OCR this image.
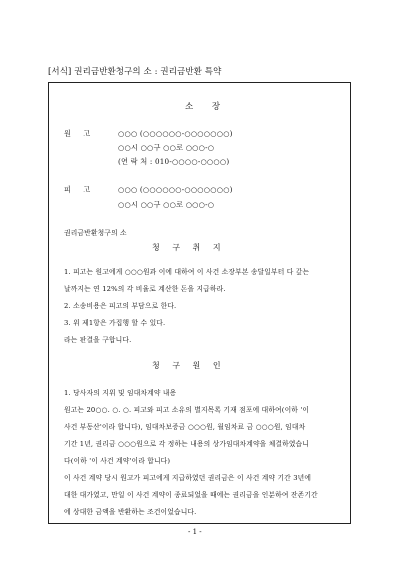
[서식] 권리금반환청구의 소 : 권리금반환 특약
소 장
원 고	○○○ (○○○○○○-○○○○○○○)
○○시 ○○구 ○○로 ○○○-○
(연 락 처 : 010-○○○○-○○○○)
피 고	○○○ (○○○○○○-○○○○○○○)
○○시 ○○구 ○○로 ○○○-○
권리금반환청구의 소
청 구 취 지
1. 피고는 원고에게 ○○○원과 이에 대하여 이 사건 소장부본 송달일부터 다 갚는
날까지는 연 12%의 각 비율로 계산한 돈을 지급하라.
2. 소송비용은 피고의 부담으로 한다.
3. 위 제1항은 가집행 할 수 있다.
라는 판결을 구합니다.
청 구 원 인
1. 당사자의 지위 및 임대차계약 내용
원고는 20○○. ○. ○. 피고와 피고 소유의 별지목록 기재 점포에 대하여(이하 '이
사건 부동산'이라 합니다), 임대차보증금 ○○○원, 월임차료 금 ○○○원, 임대차
기간 1년, 권리금 ○○○원으로 각 정하는 내용의 상가임대차계약을 체결하였습니
다(이하 '이 사건 계약'이라 합니다)
이 사건 계약 당시 원고가 피고에게 지급하였던 권리금은 이 사건 계약 기간 3년에
대한 대가였고, 만일 이 사건 계약이 종료되었을 때에는 권리금을 인분하여 잔존기간
에 상대한 금액을 반환하는 조건이었습니다.
- 1 -
